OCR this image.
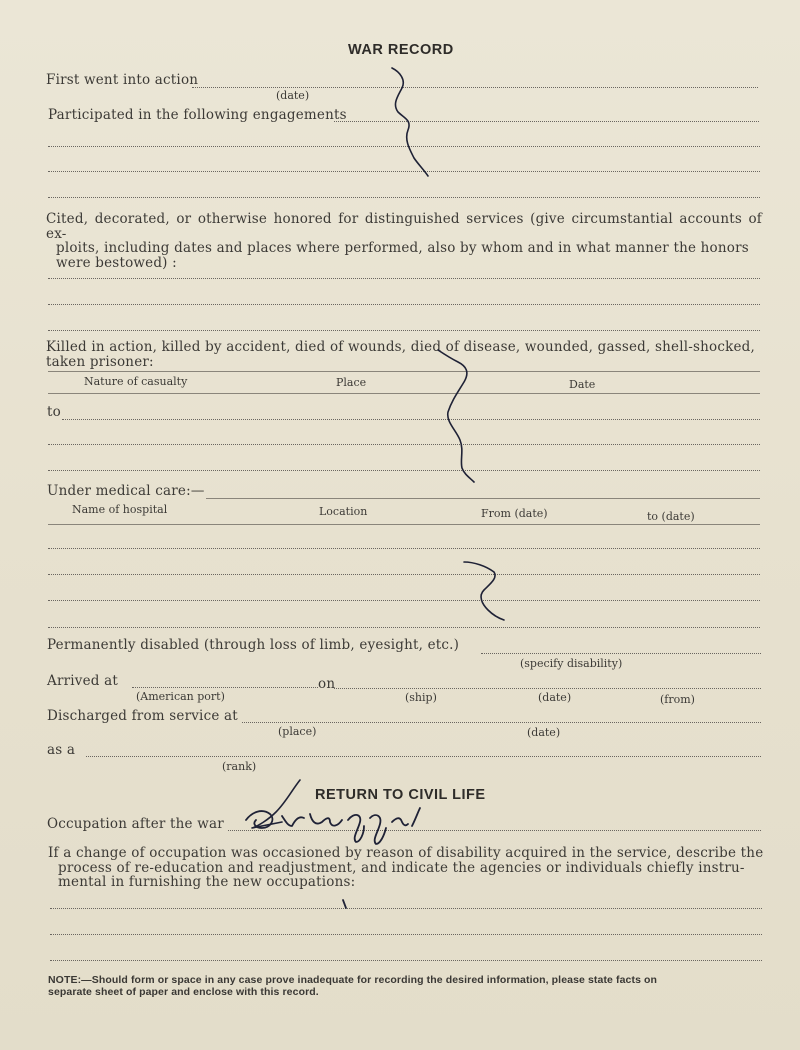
WAR RECORD
First went into action
(date)
Participated in the following engagements
Cited, decorated, or otherwise honored for distinguished services (give circumstantial accounts of ex-
ploits, including dates and places where performed, also by whom and in what manner the honors
were bestowed) :
Killed in action, killed by accident, died of wounds, died of disease, wounded, gassed, shell-shocked,
taken prisoner:
Nature of casualty	Place	Date
to
Under medical care:—
Name of hospital	Location	From (date)	to (date)
Permanently disabled (through loss of limb, eyesight, etc.)
(specify disability)
Arrived at	on
(American port)	(ship)	(date)	(from)
Discharged from service at
(place)	(date)
as a
(rank)
RETURN TO CIVIL LIFE
Occupation after the war
If a change of occupation was occasioned by reason of disability acquired in the service, describe the
process of re-education and readjustment, and indicate the agencies or individuals chiefly instru-
mental in furnishing the new occupations:
NOTE:—Should form or space in any case prove inadequate for recording the desired information, please state facts on
separate sheet of paper and enclose with this record.
